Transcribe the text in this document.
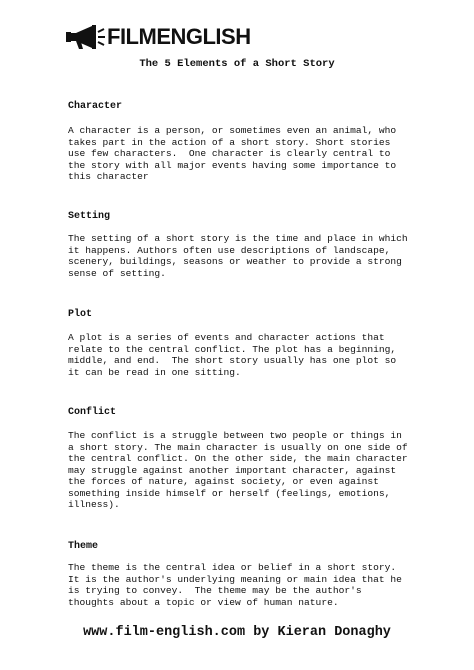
FILMENGLISH
The 5 Elements of a Short Story
Character
A character is a person, or sometimes even an animal, who
takes part in the action of a short story. Short stories
use few characters.  One character is clearly central to
the story with all major events having some importance to
this character
Setting
The setting of a short story is the time and place in which
it happens. Authors often use descriptions of landscape,
scenery, buildings, seasons or weather to provide a strong
sense of setting.
Plot
A plot is a series of events and character actions that
relate to the central conflict. The plot has a beginning,
middle, and end.  The short story usually has one plot so
it can be read in one sitting.
Conflict
The conflict is a struggle between two people or things in
a short story. The main character is usually on one side of
the central conflict. On the other side, the main character
may struggle against another important character, against
the forces of nature, against society, or even against
something inside himself or herself (feelings, emotions,
illness).
Theme
The theme is the central idea or belief in a short story.
It is the author's underlying meaning or main idea that he
is trying to convey.  The theme may be the author's
thoughts about a topic or view of human nature.
www.film-english.com by Kieran Donaghy
